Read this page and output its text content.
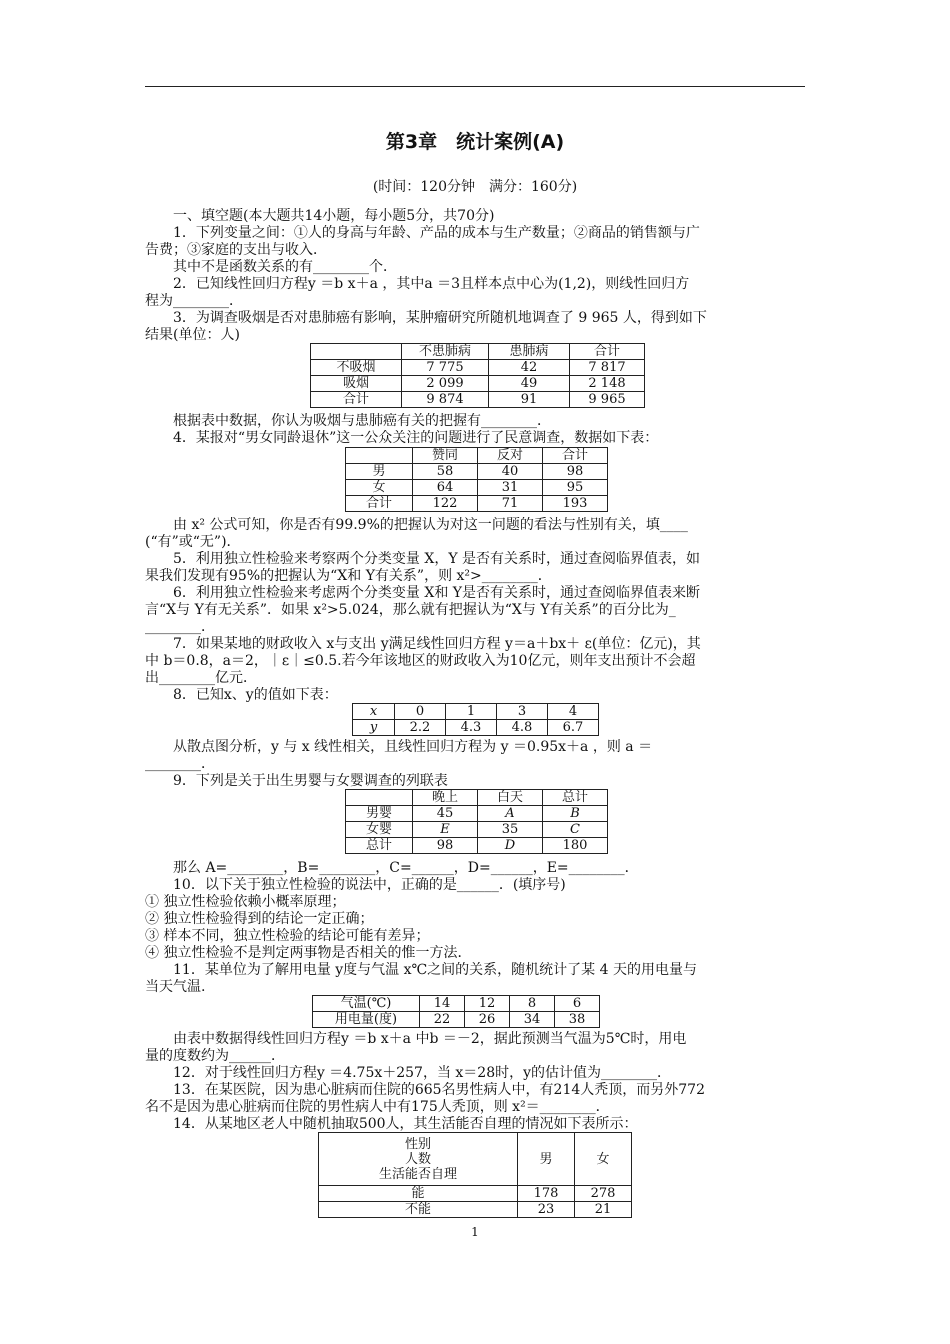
第3章　统计案例(A)
(时间：120分钟　满分：160分)
一、填空题(本大题共14小题，每小题5分，共70分)
1．下列变量之间：①人的身高与年龄、产品的成本与生产数量；②商品的销售额与广
告费；③家庭的支出与收入．
其中不是函数关系的有________个．
2．已知线性回归方程y ＝b x＋a ，其中a ＝3且样本点中心为(1,2)，则线性回归方
程为________．
3．为调查吸烟是否对患肺癌有影响，某肿瘤研究所随机地调查了 9 965 人，得到如下
结果(单位：人)
	不患肺病	患肺病	合计
不吸烟	7 775	42	7 817
吸烟	2 099	49	2 148
合计	9 874	91	9 965
根据表中数据，你认为吸烟与患肺癌有关的把握有________．
4．某报对“男女同龄退休”这一公众关注的问题进行了民意调查，数据如下表：
	赞同	反对	合计
男	58	40	98
女	64	31	95
合计	122	71	193
由 x² 公式可知，你是否有99.9%的把握认为对这一问题的看法与性别有关，填____
(“有”或“无”)．
5．利用独立性检验来考察两个分类变量 X，Y 是否有关系时，通过查阅临界值表，如
果我们发现有95%的把握认为“X和 Y有关系”，则 x²>________．
6．利用独立性检验来考虑两个分类变量 X和 Y是否有关系时，通过查阅临界值表来断
言“X与 Y有无关系”．如果 x²>5.024，那么就有把握认为“X与 Y有关系”的百分比为_
________．
7．如果某地的财政收入 x与支出 y满足线性回归方程 y＝a＋bx＋ ε(单位：亿元)，其
中 b＝0.8，a＝2，｜ε｜≤0.5.若今年该地区的财政收入为10亿元，则年支出预计不会超
出________亿元．
8．已知x、y的值如下表：
x	0	1	3	4
y	2.2	4.3	4.8	6.7
从散点图分析，y 与 x 线性相关，且线性回归方程为 y ＝0.95x＋a ，则 a ＝
________．
9．下列是关于出生男婴与女婴调查的列联表
	晚上	白天	总计
男婴	45	A	B
女婴	E	35	C
总计	98	D	180
那么 A=________，B=________，C=______，D=______，E=________．
10．以下关于独立性检验的说法中，正确的是______．(填序号)
① 独立性检验依赖小概率原理；
② 独立性检验得到的结论一定正确；
③ 样本不同，独立性检验的结论可能有差异；
④ 独立性检验不是判定两事物是否相关的惟一方法．
11．某单位为了解用电量 y度与气温 x℃之间的关系，随机统计了某 4 天的用电量与
当天气温.
气温(℃)	14	12	8	6
用电量(度)	22	26	34	38
由表中数据得线性回归方程y ＝b x＋a 中b ＝－2，据此预测当气温为5℃时，用电
量的度数约为______．
12．对于线性回归方程y ＝4.75x＋257，当 x＝28时，y的估计值为________．
13．在某医院，因为患心脏病而住院的665名男性病人中，有214人秃顶，而另外772
名不是因为患心脏病而住院的男性病人中有175人秃顶，则 x²＝________．
14．从某地区老人中随机抽取500人，其生活能否自理的情况如下表所示：
性别
人数
生活能否自理	男	女
能	178	278
不能	23	21
1
